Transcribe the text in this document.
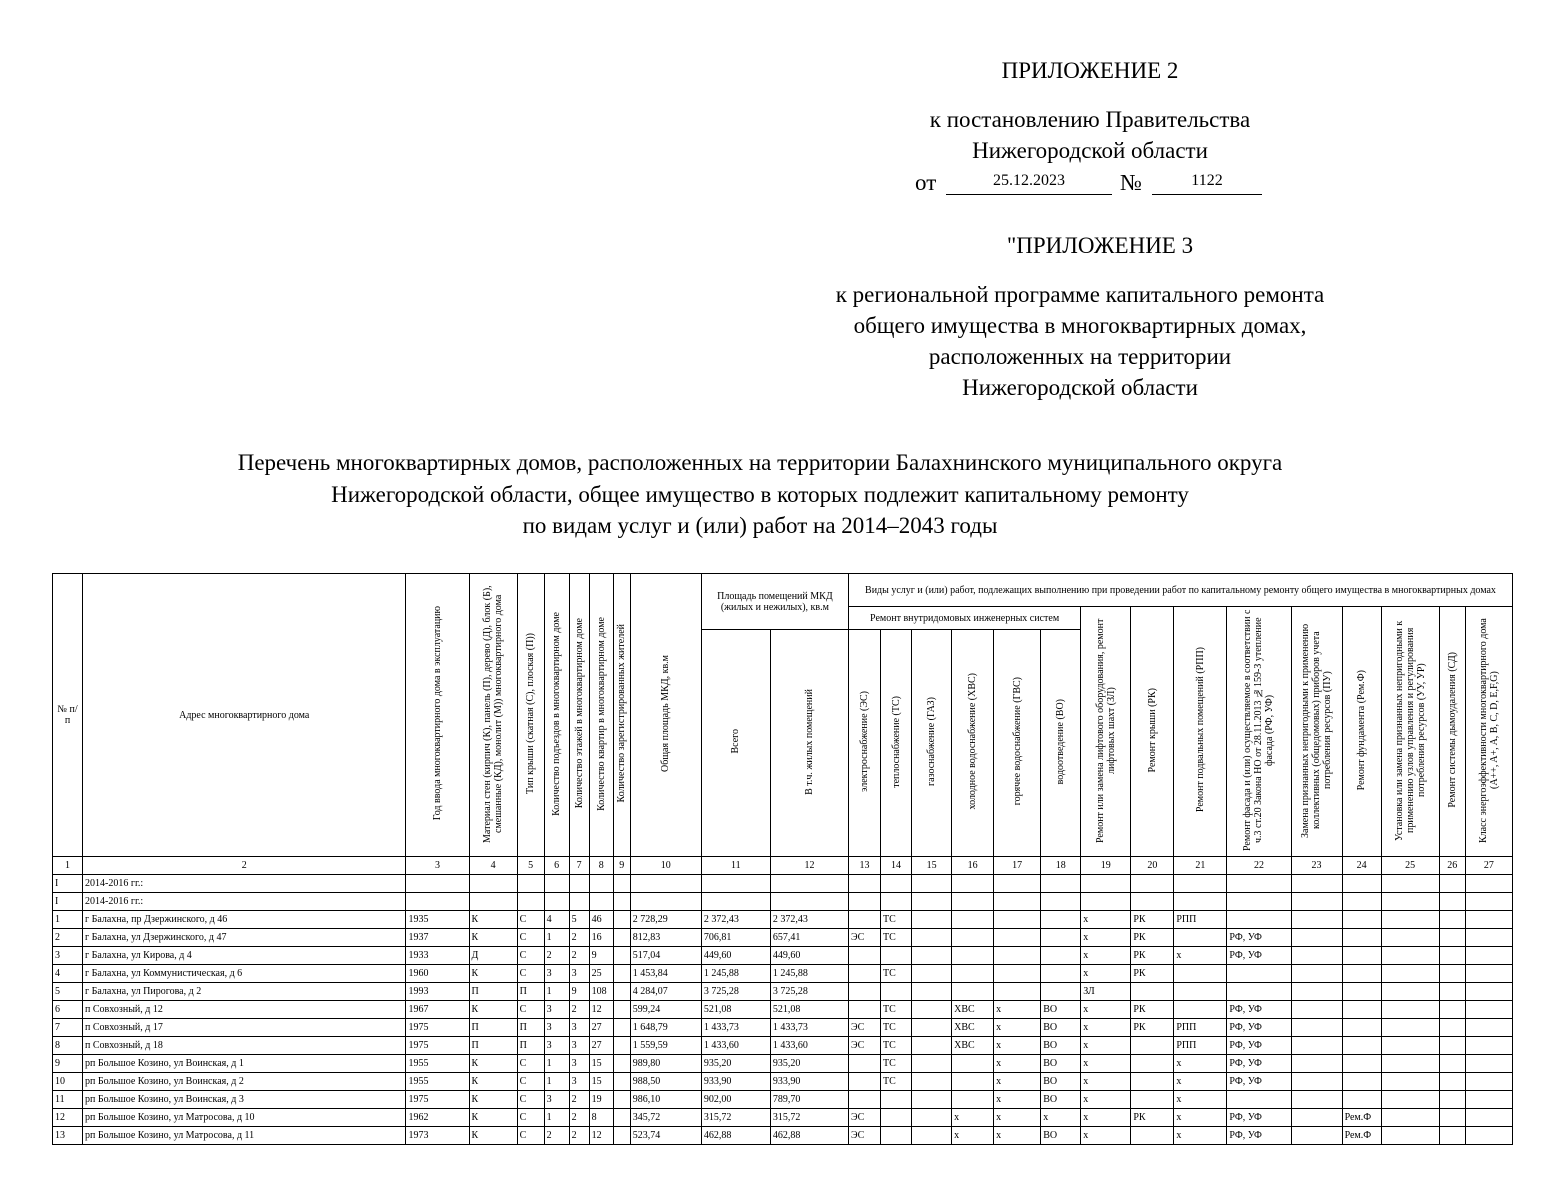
ПРИЛОЖЕНИЕ 2
к постановлению Правительства
Нижегородской области
от	25.12.2023	№	1122
"ПРИЛОЖЕНИЕ 3
к региональной программе капитального ремонта
общего имущества в многоквартирных домах,
расположенных на территории
Нижегородской области
Перечень многоквартирных домов, расположенных на территории Балахнинского муниципального округа
Нижегородской области, общее имущество в которых подлежит капитальному ремонту
по видам услуг и (или) работ на 2014–2043 годы
№ п/п	Адрес многоквартирного дома	Год ввода многоквартирного дома в эксплуатацию	Материал стен (кирпич (К), панель (П), дерево (Д), блок (Б), смешанные (КД), монолит (М)) многоквартирного дома	Тип крыши (скатная (С), плоская (П))	Количество подъездов в многоквартирном доме	Количество этажей в многоквартирном доме	Количество квартир в многоквартирном доме	Количество зарегистрированных жителей	Общая площадь МКД, кв.м	Площадь помещений МКД (жилых и нежилых), кв.м		Виды услуг и (или) работ, подлежащих выполнению при проведении работ по капитальному ремонту общего имущества в многоквартирных домах														
												Ремонт внутридомовых инженерных систем						Ремонт или замена лифтового оборудования, ремонт лифтовых шахт (ЗЛ)	Ремонт крыши (РК)	Ремонт подвальных помещений (РПП)	Ремонт фасада и (или) осуществляемое в соответствии с ч.3 ст.20 Закона НО от 28.11.2013 №159-З утепление фасада (РФ, УФ)	Замена признанных непригодными к применению коллективных (общедомовых) приборов учета потребления ресурсов (ПУ)	Ремонт фундамента (Рем.Ф)	Установка или замена признанных непригодными к применению узлов управления и регулирования потребления ресурсов (УУ, УР)	Ремонт системы дымоудаления (СД)	Класс энергоэффективности многоквартирного дома (A++, A+, A, B, C, D, E,F,G)
										Всего	В т.ч. жилых помещений	электроснабжение (ЭС)	теплоснабжение (ТС)	газоснабжение (ГАЗ)	холодное водоснабжение (ХВС)	горячее водоснабжение (ГВС)	водоотведение (ВО)									
1	2	3	4	5	6	7	8	9	10	11	12	13	14	15	16	17	18	19	20	21	22	23	24	25	26	27
I	2014-2016 гг.:																									
I	2014-2016 гг.:																									
1	г Балахна, пр Дзержинского, д 46	1935	К	С	4	5	46		2 728,29	2 372,43	2 372,43		ТС					х	РК	РПП						
2	г Балахна, ул Дзержинского, д 47	1937	К	С	1	2	16		812,83	706,81	657,41	ЭС	ТС					х	РК		РФ, УФ					
3	г Балахна, ул Кирова, д 4	1933	Д	С	2	2	9		517,04	449,60	449,60							х	РК	х	РФ, УФ					
4	г Балахна, ул Коммунистическая, д 6	1960	К	С	3	3	25		1 453,84	1 245,88	1 245,88		ТС					х	РК							
5	г Балахна, ул Пирогова, д 2	1993	П	П	1	9	108		4 284,07	3 725,28	3 725,28							ЗЛ								
6	п Совхозный, д 12	1967	К	С	3	2	12		599,24	521,08	521,08		ТС		ХВС	х	ВО	х	РК		РФ, УФ					
7	п Совхозный, д 17	1975	П	П	3	3	27		1 648,79	1 433,73	1 433,73	ЭС	ТС		ХВС	х	ВО	х	РК	РПП	РФ, УФ					
8	п Совхозный, д 18	1975	П	П	3	3	27		1 559,59	1 433,60	1 433,60	ЭС	ТС		ХВС	х	ВО	х		РПП	РФ, УФ					
9	рп Большое Козино, ул Воинская, д 1	1955	К	С	1	3	15		989,80	935,20	935,20		ТС			х	ВО	х		х	РФ, УФ					
10	рп Большое Козино, ул Воинская, д 2	1955	К	С	1	3	15		988,50	933,90	933,90		ТС			х	ВО	х		х	РФ, УФ					
11	рп Большое Козино, ул Воинская, д 3	1975	К	С	3	2	19		986,10	902,00	789,70					х	ВО	х		х						
12	рп Большое Козино, ул Матросова, д 10	1962	К	С	1	2	8		345,72	315,72	315,72	ЭС			х	х	х	х	РК	х	РФ, УФ		Рем.Ф			
13	рп Большое Козино, ул Матросова, д 11	1973	К	С	2	2	12		523,74	462,88	462,88	ЭС			х	х	ВО	х		х	РФ, УФ		Рем.Ф			
